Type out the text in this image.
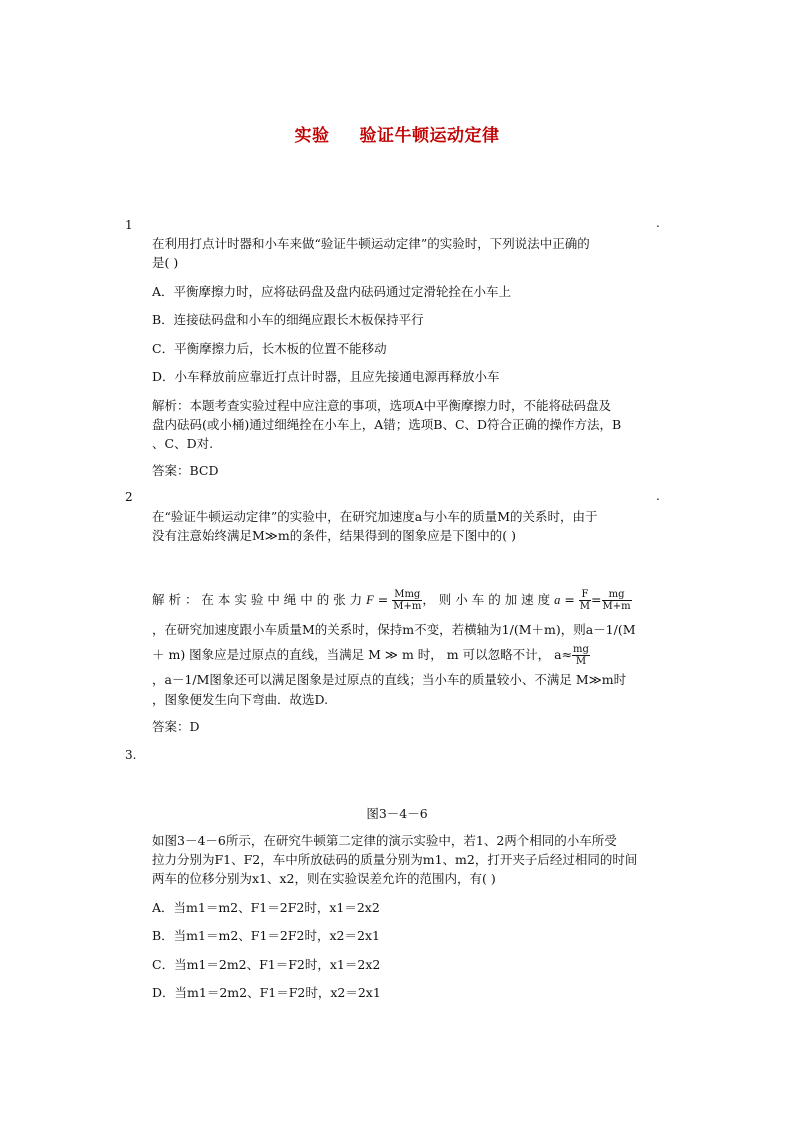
实验 验证牛顿运动定律
1	.
在利用打点计时器和小车来做“验证牛顿运动定律”的实验时，下列说法中正确的
是( )
A．平衡摩擦力时，应将砝码盘及盘内砝码通过定滑轮拴在小车上
B．连接砝码盘和小车的细绳应跟长木板保持平行
C．平衡摩擦力后，长木板的位置不能移动
D．小车释放前应靠近打点计时器，且应先接通电源再释放小车
解析：本题考查实验过程中应注意的事项，选项A中平衡摩擦力时，不能将砝码盘及
盘内砝码(或小桶)通过细绳拴在小车上，A错；选项B、C、D符合正确的操作方法，B
、C、D对.
答案：BCD
2	.
在“验证牛顿运动定律”的实验中，在研究加速度a与小车的质量M的关系时，由于
没有注意始终满足M≫m的条件，结果得到的图象应是下图中的( )
解 析 ： 在 本 实 验 中 绳 中 的 张 力 $F = \frac{\text{Mmg}}{M+m}$ ， 则 小 车 的 加 速 度 $a = \frac{F}{M} = \frac{mg}{M+m}$
，在研究加速度跟小车质量M的关系时，保持m不变，若横轴为1/(M＋m)，则a－1/(M
＋ m) 图象应是过原点的直线，当满足 M ≫ m 时， m 可以忽略不计， $a\approx \frac{mg}{M}$
，a－1/M图象还可以满足图象是过原点的直线；当小车的质量较小、不满足 M≫m时
，图象便发生向下弯曲．故选D.
答案：D
3.
图3－4－6
如图3－4－6所示，在研究牛顿第二定律的演示实验中，若1、2两个相同的小车所受
拉力分别为F1、F2，车中所放砝码的质量分别为m1、m2，打开夹子后经过相同的时间
两车的位移分别为x1、x2，则在实验误差允许的范围内，有( )
A．当m1＝m2、F1＝2F2时，x1＝2x2
B．当m1＝m2、F1＝2F2时，x2＝2x1
C．当m1＝2m2、F1＝F2时，x1＝2x2
D．当m1＝2m2、F1＝F2时，x2＝2x1
